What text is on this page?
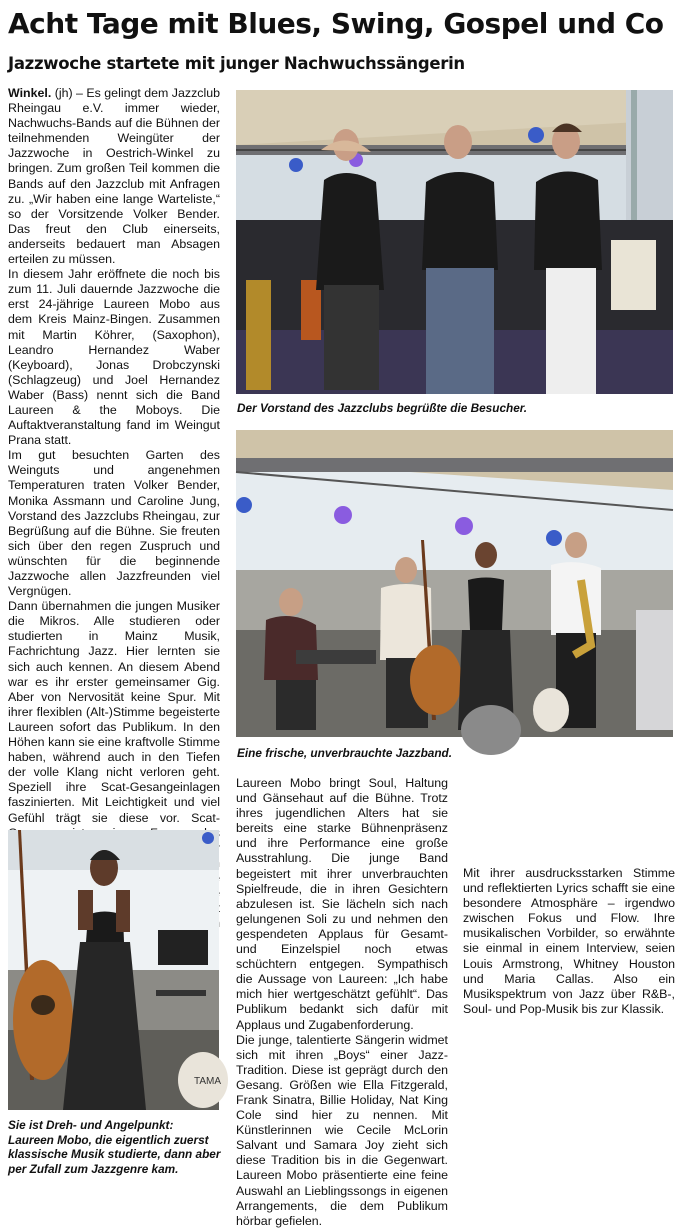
Acht Tage mit Blues, Swing, Gospel und Co
Jazzwoche startete mit junger Nachwuchssängerin

Winkel. (jh) – Es gelingt dem Jazzclub Rheingau e.V. immer wieder, Nachwuchs-Bands auf die Bühnen der teilnehmenden Weingüter der Jazzwoche in Oestrich-Winkel zu bringen. Zum großen Teil kommen die Bands auf den Jazzclub mit Anfragen zu. „Wir haben eine lange Warteliste,“ so der Vorsitzende Volker Bender. Das freut den Club einerseits, anderseits bedauert man Absagen erteilen zu müssen.

In diesem Jahr eröffnete die noch bis zum 11. Juli dauernde Jazzwoche die erst 24-jährige Laureen Mobo aus dem Kreis Mainz-Bingen. Zusammen mit Martin Köhrer, (Saxophon), Leandro Hernandez Waber (Keyboard), Jonas Drobczynski (Schlagzeug) und Joel Hernandez Waber (Bass) nennt sich die Band Laureen & the Moboys. Die Auftaktveranstaltung fand im Weingut Prana statt.

Im gut besuchten Garten des Weinguts und angenehmen Temperaturen traten Volker Bender, Monika Assmann und Caroline Jung, Vorstand des Jazzclubs Rheingau, zur Begrüßung auf die Bühne. Sie freuten sich über den regen Zuspruch und wünschten für die beginnende Jazzwoche allen Jazzfreunden viel Vergnügen.

Dann übernahmen die jungen Musiker die Mikros. Alle studieren oder studierten in Mainz Musik, Fachrichtung Jazz. Hier lernten sie sich auch kennen. An diesem Abend war es ihr erster gemeinsamer Gig. Aber von Nervosität keine Spur. Mit ihrer flexiblen (Alt-)Stimme begeisterte Laureen sofort das Publikum. In den Höhen kann sie eine kraftvolle Stimme haben, während auch in den Tiefen der volle Klang nicht verloren geht. Speziell ihre Scat-Gesangeinlagen faszinierten. Mit Leichtigkeit und viel Gefühl trägt sie diese vor. Scat-

Der Vorstand des Jazzclubs begrüßte die Besucher.

Eine frische, unverbrauchte Jazzband.

TAMA

Sie ist Dreh- und Angelpunkt: Laureen Mobo, die eigentlich zuerst klassische Musik studierte, dann aber per Zufall zum Jazzgenre kam.

Laureen Mobo bringt Soul, Haltung und Gänsehaut auf die Bühne. Trotz ihres jugendlichen Alters hat sie bereits eine starke Bühnenpräsenz und ihre Performance eine große Ausstrahlung. Die junge Band begeistert mit ihrer unverbrauchten Spielfreude, die in ihren Gesichtern abzulesen ist. Sie lächeln sich nach gelungenen Soli zu und nehmen den gespendeten Applaus für Gesamt- und Einzelspiel noch etwas schüchtern entgegen. Sympathisch die Aussage von Laureen: „Ich habe mich hier wertgeschätzt gefühlt“. Das Publikum bedankt sich dafür mit Applaus und Zugabenforderung.

Die junge, talentierte Sängerin widmet sich mit ihren „Boys“ einer Jazz-Tradition. Diese ist geprägt durch den Gesang. Größen wie Ella Fitzgerald, Frank Sinatra, Billie Holiday, Nat King Cole sind hier zu nennen. Mit Künstlerinnen wie Cecile McLorin Salvant und Samara Joy zieht sich diese Tradition bis in die Gegenwart. Laureen Mobo präsentierte eine feine Auswahl an Lieblingssongs in eigenen Arrangements, die dem Publikum hörbar gefielen.

Mit ihrer ausdrucksstarken Stimme und reflektierten Lyrics schafft sie eine besondere Atmosphäre – irgendwo zwischen Fokus und Flow. Ihre musikalischen Vorbilder, so erwähnte sie einmal in einem Interview, seien Louis Armstrong, Whitney Houston und Maria Callas. Also ein Musikspektrum von Jazz über R&B-, Soul- und Pop-Musik bis zur Klassik.
